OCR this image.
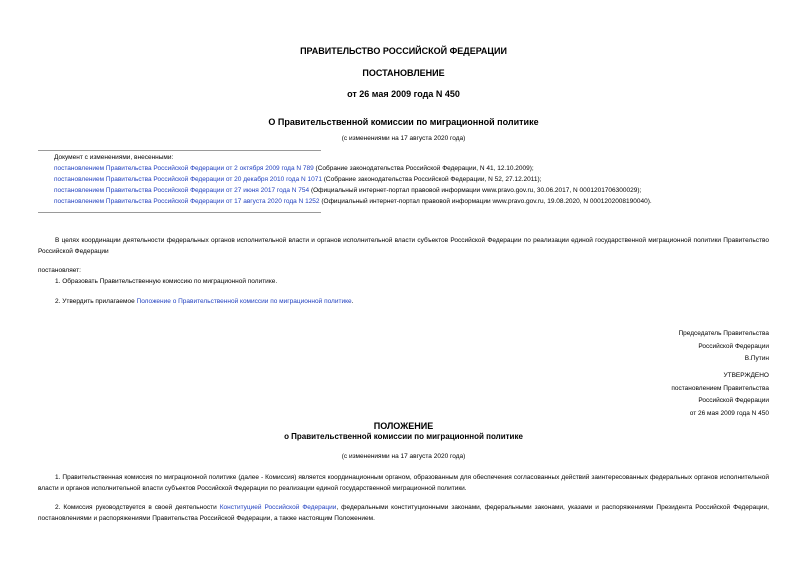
ПРАВИТЕЛЬСТВО РОССИЙСКОЙ ФЕДЕРАЦИИ
ПОСТАНОВЛЕНИЕ
от 26 мая 2009 года N 450
О Правительственной комиссии по миграционной политике
(с изменениями на 17 августа 2020 года)
Документ с изменениями, внесенными:
постановлением Правительства Российской Федерации от 2 октября 2009 года N 789 (Собрание законодательства Российской Федерации, N 41, 12.10.2009);
постановлением Правительства Российской Федерации от 20 декабря 2010 года N 1071 (Собрание законодательства Российской Федерации, N 52, 27.12.2011);
постановлением Правительства Российской Федерации от 27 июня 2017 года N 754 (Официальный интернет-портал правовой информации www.pravo.gov.ru, 30.06.2017, N 0001201706300029);
постановлением Правительства Российской Федерации от 17 августа 2020 года N 1252 (Официальный интернет-портал правовой информации www.pravo.gov.ru, 19.08.2020, N 0001202008190040).
В целях координации деятельности федеральных органов исполнительной власти и органов исполнительной власти субъектов Российской Федерации по реализации единой государственной миграционной политики Правительство Российской Федерации
постановляет:
1. Образовать Правительственную комиссию по миграционной политике.
2. Утвердить прилагаемое Положение о Правительственной комиссии по миграционной политике.
Председатель Правительства
Российской Федерации
В.Путин
УТВЕРЖДЕНО
постановлением Правительства
Российской Федерации
от 26 мая 2009 года N 450
ПОЛОЖЕНИЕ
о Правительственной комиссии по миграционной политике
(с изменениями на 17 августа 2020 года)
1. Правительственная комиссия по миграционной политике (далее - Комиссия) является координационным органом, образованным для обеспечения согласованных действий заинтересованных федеральных органов исполнительной власти и органов исполнительной власти субъектов Российской Федерации по реализации единой государственной миграционной политики.
2. Комиссия руководствуется в своей деятельности Конституцией Российской Федерации, федеральными конституционными законами, федеральными законами, указами и распоряжениями Президента Российской Федерации, постановлениями и распоряжениями Правительства Российской Федерации, а также настоящим Положением.
